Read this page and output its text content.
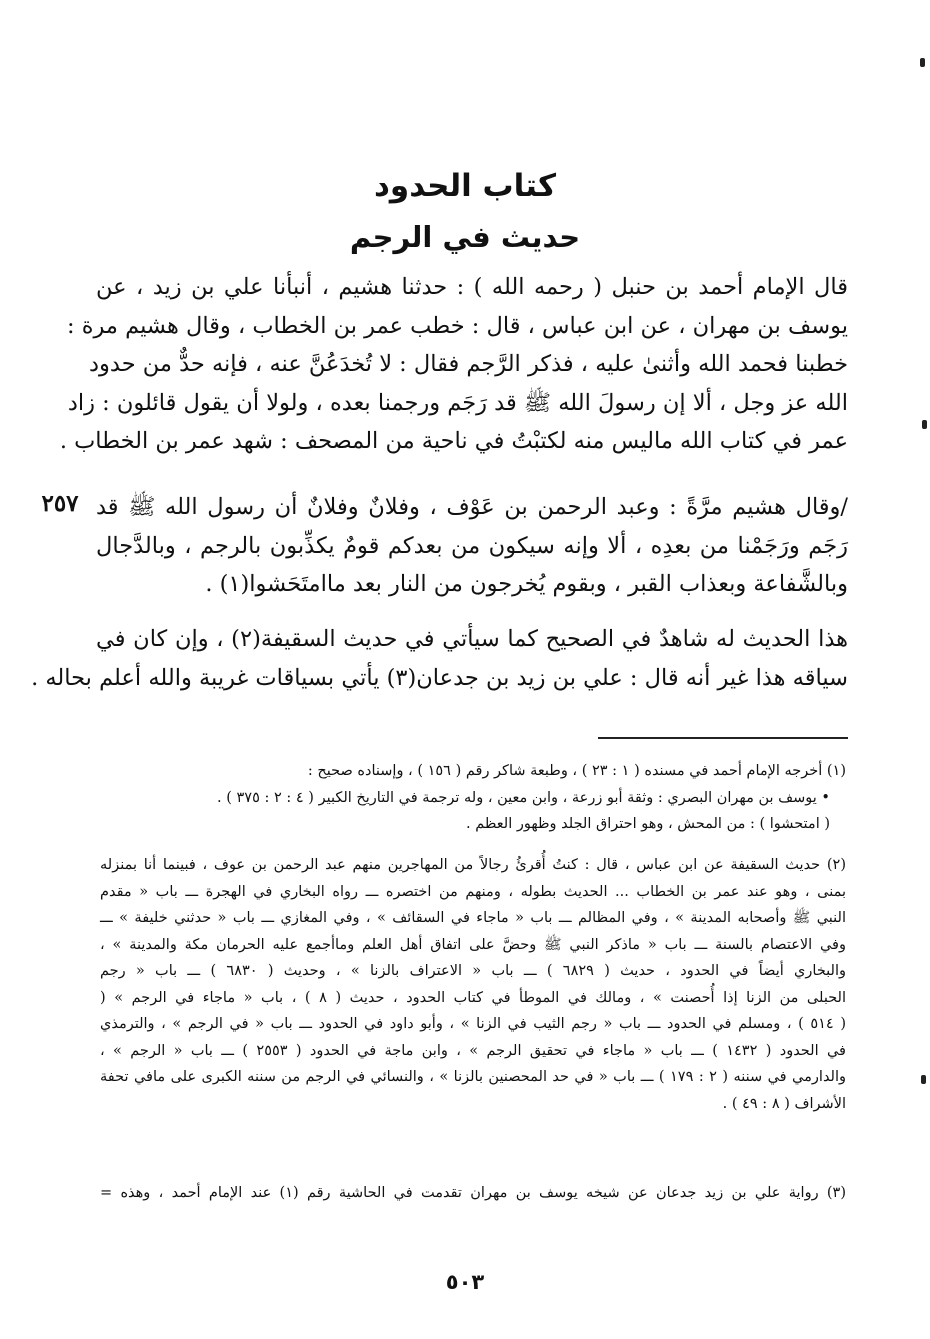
كتاب الحدود
حديث في الرجم
قال الإمام أحمد بن حنبل ( رحمه الله ) : حدثنا هشيم ، أنبأنا علي بن زيد ، عن
يوسف بن مهران ، عن ابن عباس ، قال : خطب عمر بن الخطاب ، وقال هشيم مرة :
خطبنا فحمد الله وأثنىٰ عليه ، فذكر الرَّجم فقال : لا تُخدَعُنَّ عنه ، فإنه حدٌّ من حدود
الله عز وجل ، ألا إن رسولَ الله ﷺ قد رَجَم ورجمنا بعده ، ولولا أن يقول قائلون : زاد
عمر في كتاب الله ماليس منه لكتبْتُ في ناحية من المصحف : شهد عمر بن الخطاب .
٢٥٧ /وقال هشيم مرَّةً : وعبد الرحمن بن عَوْف ، وفلانٌ وفلانٌ أن رسول الله ﷺ قد
رَجَم ورَجَمْنا من بعدِه ، ألا وإنه سيكون من بعدكم قومٌ يكذِّبون بالرجم ، وبالدَّجال
وبالشَّفاعة وبعذاب القبر ، وبقوم يُخرجون من النار بعد ماامتَحَشوا(١) .
هذا الحديث له شاهدٌ في الصحيح كما سيأتي في حديث السقيفة(٢) ، وإن كان في
سياقه هذا غير أنه قال : علي بن زيد بن جدعان(٣) يأتي بسياقات غريبة والله أعلم بحاله .
(١) أخرجه الإمام أحمد في مسنده ( ١ : ٢٣ ) ، وطبعة شاكر رقم ( ١٥٦ ) ، وإسناده صحيح :
• يوسف بن مهران البصري : وثقة أبو زرعة ، وابن معين ، وله ترجمة في التاريخ الكبير ( ٤ : ٢ : ٣٧٥ ) .
( امتحشوا ) : من المحش ، وهو احتراق الجلد وظهور العظم .
(٢) حديث السقيفة عن ابن عباس ، قال : كنتُ أُقرئُ رجالاً من المهاجرين منهم عبد الرحمن بن عوف ، فبينما أنا بمنزله
بمنى ، وهو عند عمر بن الخطاب ... الحديث بطوله ، ومنهم من اختصره ـــ رواه البخاري في الهجرة ـــ باب « مقدم
النبي ﷺ وأصحابه المدينة » ، وفي المظالم ـــ باب « ماجاء في السقائف » ، وفي المغازي ـــ باب « حدثني خليفة » ـــ
وفي الاعتصام بالسنة ـــ باب « ماذكر النبي ﷺ وحضَّ على اتفاق أهل العلم وماأجمع عليه الحرمان مكة والمدينة » ،
والبخاري أيضاً في الحدود ، حديث ( ٦٨٢٩ ) ـــ باب « الاعتراف بالزنا » ، وحديث ( ٦٨٣٠ ) ـــ باب « رجم
الحبلى من الزنا إذا أُحصنت » ، ومالك في الموطأ في كتاب الحدود ، حديث ( ٨ ) ، باب « ماجاء في الرجم » (
( ٥١٤ ) ، ومسلم في الحدود ـــ باب « رجم الثيب في الزنا » ، وأبو داود في الحدود ـــ باب « في الرجم » ، والترمذي
في الحدود ( ١٤٣٢ ) ـــ باب « ماجاء في تحقيق الرجم » ، وابن ماجة في الحدود ( ٢٥٥٣ ) ـــ باب « الرجم » ،
والدارمي في سننه ( ٢ : ١٧٩ ) ـــ باب « في حد المحصنين بالزنا » ، والنسائي في الرجم من سننه الكبرى على مافي تحفة
الأشراف ( ٨ : ٤٩ ) .
(٣) رواية علي بن زيد جدعان عن شيخه يوسف بن مهران تقدمت في الحاشية رقم (١) عند الإمام أحمد ، وهذه =
٥٠٣
